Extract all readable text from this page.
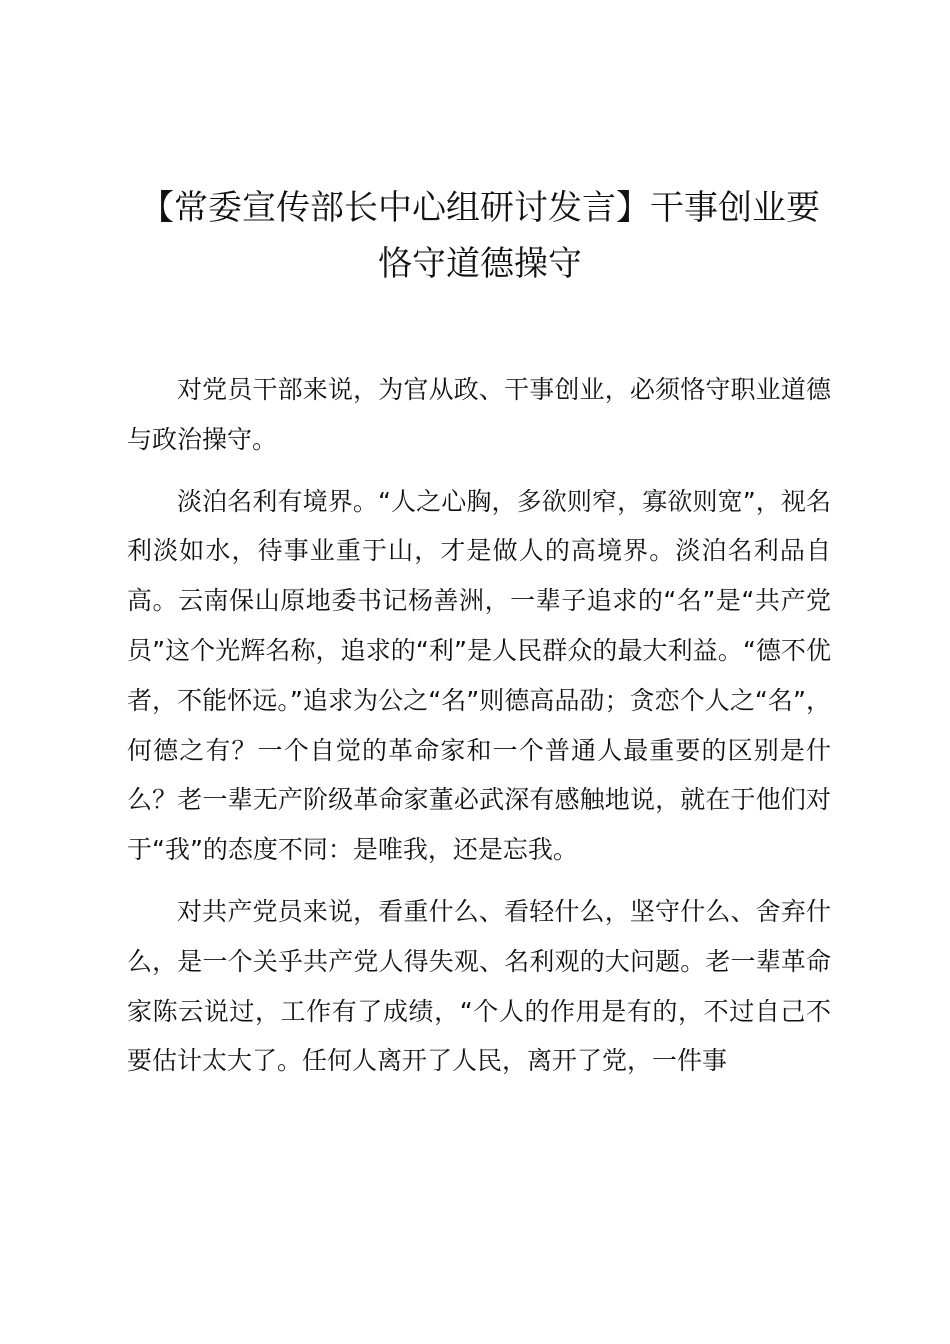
【常委宣传部长中心组研讨发言】干事创业要
恪守道德操守

对党员干部来说，为官从政、干事创业，必须恪守职业道德与政治操守。

淡泊名利有境界。“人之心胸，多欲则窄，寡欲则宽”，视名利淡如水，待事业重于山，才是做人的高境界。淡泊名利品自高。云南保山原地委书记杨善洲，一辈子追求的“名”是“共产党员”这个光辉名称，追求的“利”是人民群众的最大利益。“德不优者，不能怀远。”追求为公之“名”则德高品劭；贪恋个人之“名”，何德之有？一个自觉的革命家和一个普通人最重要的区别是什么？老一辈无产阶级革命家董必武深有感触地说，就在于他们对于“我”的态度不同：是唯我，还是忘我。

对共产党员来说，看重什么、看轻什么，坚守什么、舍弃什么，是一个关乎共产党人得失观、名利观的大问题。老一辈革命家陈云说过，工作有了成绩，“个人的作用是有的，不过自己不要估计太大了。任何人离开了人民，离开了党，一件事
